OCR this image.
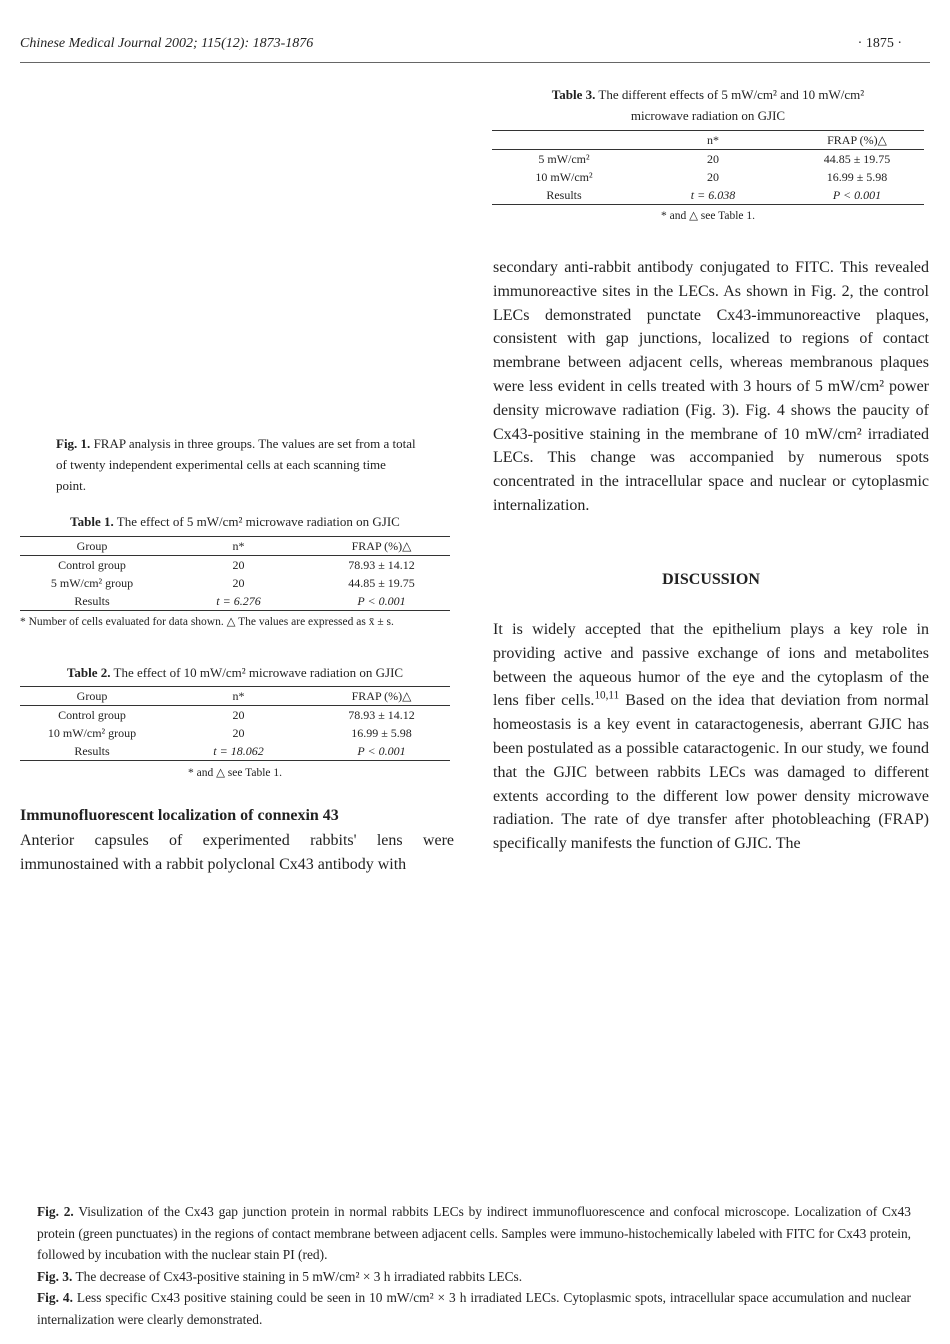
Chinese Medical Journal 2002; 115(12): 1873-1876	· 1875 ·
Fig. 1. FRAP analysis in three groups. The values are set from a total of twenty independent experimental cells at each scanning time point.
Table 1. The effect of 5 mW/cm² microwave radiation on GJIC
Group	n*	FRAP (%)△
Control group	20	78.93 ± 14.12
5 mW/cm² group	20	44.85 ± 19.75
Results	t = 6.276	P < 0.001
* Number of cells evaluated for data shown. △ The values are expressed as x̄ ± s.
Table 2. The effect of 10 mW/cm² microwave radiation on GJIC
Group	n*	FRAP (%)△
Control group	20	78.93 ± 14.12
10 mW/cm² group	20	16.99 ± 5.98
Results	t = 18.062	P < 0.001
* and △ see Table 1.
Immunofluorescent localization of connexin 43

Anterior capsules of experimented rabbits' lens were immunostained with a rabbit polyclonal Cx43 antibody with

Table 3. The different effects of 5 mW/cm² and 10 mW/cm²
microwave radiation on GJIC
	n*	FRAP (%)△
5 mW/cm²	20	44.85 ± 19.75
10 mW/cm²	20	16.99 ± 5.98
Results	t = 6.038	P < 0.001
* and △ see Table 1.

secondary anti-rabbit antibody conjugated to FITC. This revealed immunoreactive sites in the LECs. As shown in Fig. 2, the control LECs demonstrated punctate Cx43-immunoreactive plaques, consistent with gap junctions, localized to regions of contact membrane between adjacent cells, whereas membranous plaques were less evident in cells treated with 3 hours of 5 mW/cm² power density microwave radiation (Fig. 3). Fig. 4 shows the paucity of Cx43-positive staining in the membrane of 10 mW/cm² irradiated LECs. This change was accompanied by numerous spots concentrated in the intracellular space and nuclear or cytoplasmic internalization.

DISCUSSION

It is widely accepted that the epithelium plays a key role in providing active and passive exchange of ions and metabolites between the aqueous humor of the eye and the cytoplasm of the lens fiber cells.$^{10,11}$ Based on the idea that deviation from normal homeostasis is a key event in cataractogenesis, aberrant GJIC has been postulated as a possible cataractogenic. In our study, we found that the GJIC between rabbits LECs was damaged to different extents according to the different low power density microwave radiation. The rate of dye transfer after photobleaching (FRAP) specifically manifests the function of GJIC. The

Fig. 2. Visulization of the Cx43 gap junction protein in normal rabbits LECs by indirect immunofluorescence and confocal microscope. Localization of Cx43 protein (green punctuates) in the regions of contact membrane between adjacent cells. Samples were immuno-histochemically labeled with FITC for Cx43 protein, followed by incubation with the nuclear stain PI (red).

Fig. 3. The decrease of Cx43-positive staining in 5 mW/cm² × 3 h irradiated rabbits LECs.

Fig. 4. Less specific Cx43 positive staining could be seen in 10 mW/cm² × 3 h irradiated LECs. Cytoplasmic spots, intracellular space accumulation and nuclear internalization were clearly demonstrated.
